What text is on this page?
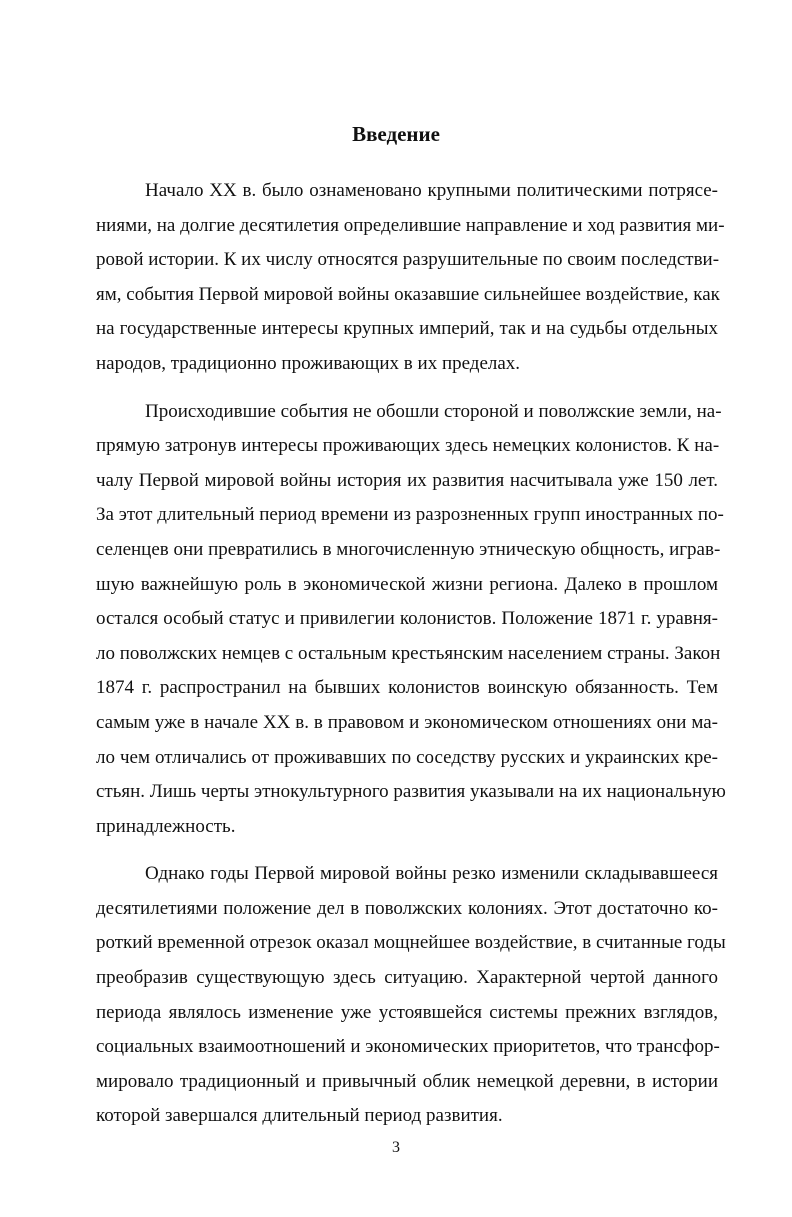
Введение

Начало XX в. было ознаменовано крупными политическими потрясе-
ниями, на долгие десятилетия определившие направление и ход развития ми-
ровой истории. К их числу относятся разрушительные по своим последстви-
ям, события Первой мировой войны оказавшие сильнейшее воздействие, как
на государственные интересы крупных империй, так и на судьбы отдельных
народов, традиционно проживающих в их пределах.

Происходившие события не обошли стороной и поволжские земли, на-
прямую затронув интересы проживающих здесь немецких колонистов. К на-
чалу Первой мировой войны история их развития насчитывала уже 150 лет.
За этот длительный период времени из разрозненных групп иностранных по-
селенцев они превратились в многочисленную этническую общность, играв-
шую важнейшую роль в экономической жизни региона. Далеко в прошлом
остался особый статус и привилегии колонистов. Положение 1871 г. уравня-
ло поволжских немцев с остальным крестьянским населением страны. Закон
1874 г. распространил на бывших колонистов воинскую обязанность. Тем
самым уже в начале XX в. в правовом и экономическом отношениях они ма-
ло чем отличались от проживавших по соседству русских и украинских кре-
стьян. Лишь черты этнокультурного развития указывали на их национальную
принадлежность.

Однако годы Первой мировой войны резко изменили складывавшееся
десятилетиями положение дел в поволжских колониях. Этот достаточно ко-
роткий временной отрезок оказал мощнейшее воздействие, в считанные годы
преобразив существующую здесь ситуацию. Характерной чертой данного
периода являлось изменение уже устоявшейся системы прежних взглядов,
социальных взаимоотношений и экономических приоритетов, что трансфор-
мировало традиционный и привычный облик немецкой деревни, в истории
которой завершался длительный период развития.

3
